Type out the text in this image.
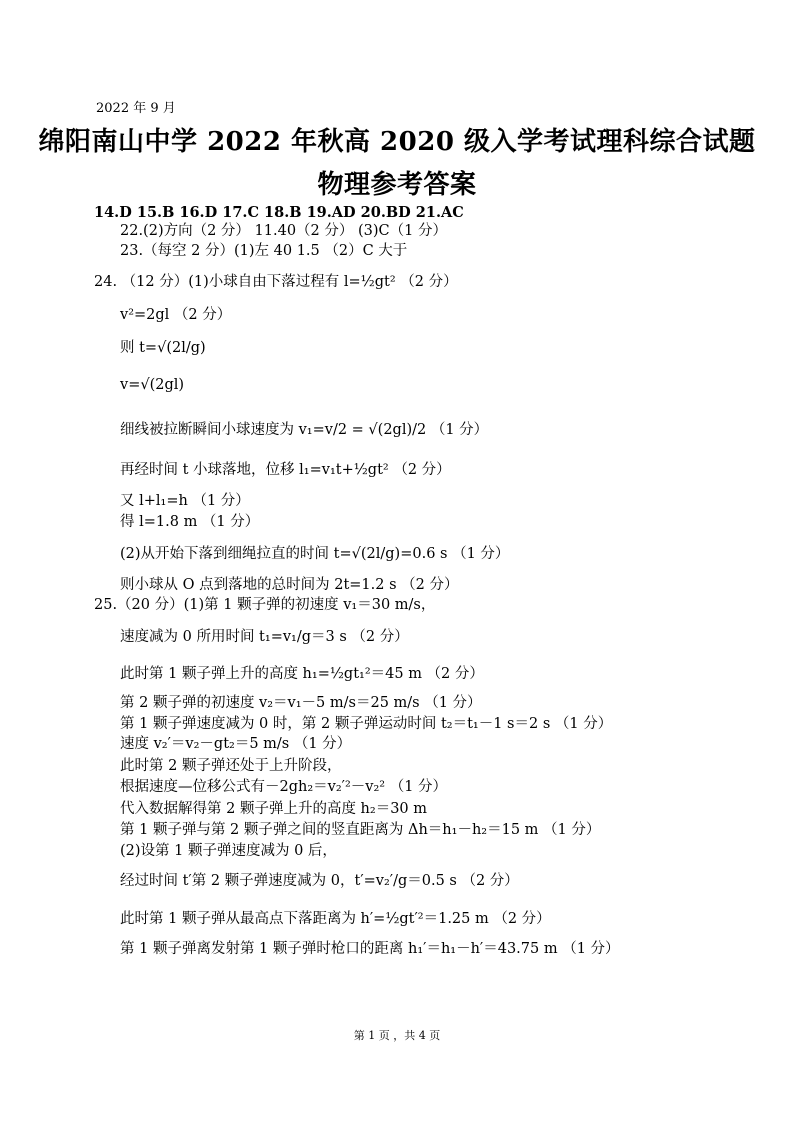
2022 年 9 月
绵阳南山中学 2022 年秋高 2020 级入学考试理科综合试题
物理参考答案
14.D 15.B 16.D 17.C 18.B 19.AD 20.BD 21.AC
22.(2)方向（2 分） 11.40（2 分） (3)C（1 分）
23.（每空 2 分）(1)左 40 1.5 （2）C 大于
24. （12 分）(1)小球自由下落过程有 l=½gt² （2 分）
v²=2gl （2 分）
则 t=√(2l/g)
v=√(2gl)
细线被拉断瞬间小球速度为 v₁=v/2 = √(2gl)/2 （1 分）
再经时间 t 小球落地，位移 l₁=v₁t+½gt² （2 分）
又 l+l₁=h （1 分）
得 l=1.8 m （1 分）
(2)从开始下落到细绳拉直的时间 t=√(2l/g)=0.6 s （1 分）
则小球从 O 点到落地的总时间为 2t=1.2 s （2 分）
25.（20 分）(1)第 1 颗子弹的初速度 v₁＝30 m/s，
速度减为 0 所用时间 t₁=v₁/g＝3 s （2 分）
此时第 1 颗子弹上升的高度 h₁=½gt₁²＝45 m （2 分）
第 2 颗子弹的初速度 v₂＝v₁－5 m/s＝25 m/s （1 分）
第 1 颗子弹速度减为 0 时，第 2 颗子弹运动时间 t₂＝t₁－1 s＝2 s （1 分）
速度 v₂′＝v₂－gt₂＝5 m/s （1 分）
此时第 2 颗子弹还处于上升阶段，
根据速度—位移公式有－2gh₂＝v₂′²－v₂² （1 分）
代入数据解得第 2 颗子弹上升的高度 h₂＝30 m
第 1 颗子弹与第 2 颗子弹之间的竖直距离为 Δh＝h₁－h₂＝15 m （1 分）
(2)设第 1 颗子弹速度减为 0 后，
经过时间 t′第 2 颗子弹速度减为 0，t′=v₂′/g＝0.5 s （2 分）
此时第 1 颗子弹从最高点下落距离为 h′=½gt′²＝1.25 m （2 分）
第 1 颗子弹离发射第 1 颗子弹时枪口的距离 h₁′＝h₁－h′＝43.75 m （1 分）
第 1 页 ，共 4 页
